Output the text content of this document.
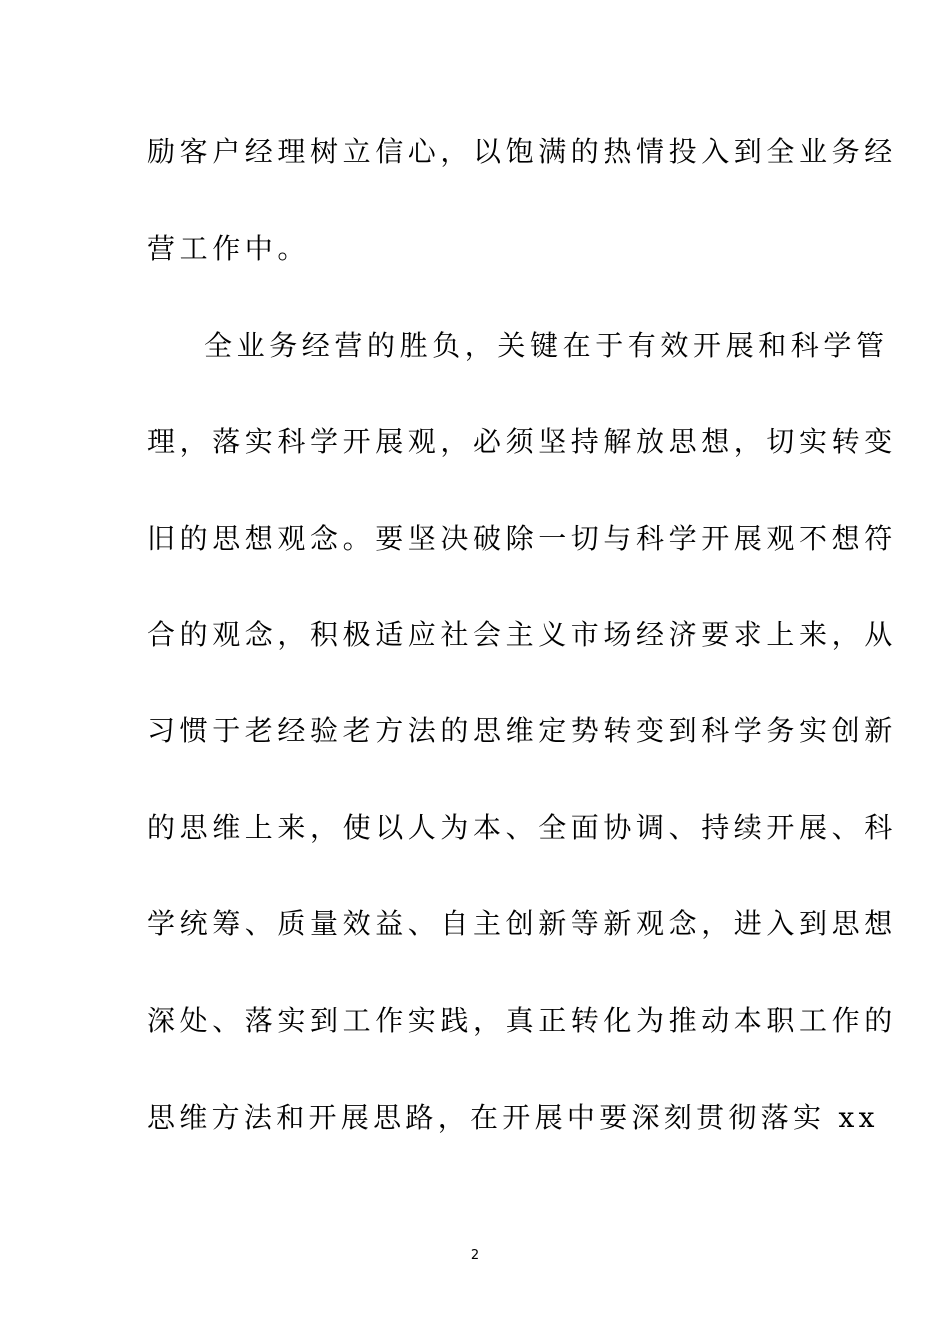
励客户经理树立信心，以饱满的热情投入到全业务经
营工作中。
全业务经营的胜负，关键在于有效开展和科学管
理，落实科学开展观，必须坚持解放思想，切实转变
旧的思想观念。要坚决破除一切与科学开展观不想符
合的观念，积极适应社会主义市场经济要求上来，从
习惯于老经验老方法的思维定势转变到科学务实创新
的思维上来，使以人为本、全面协调、持续开展、科
学统筹、质量效益、自主创新等新观念，进入到思想
深处、落实到工作实践，真正转化为推动本职工作的
思维方法和开展思路，在开展中要深刻贯彻落实 xx
2
